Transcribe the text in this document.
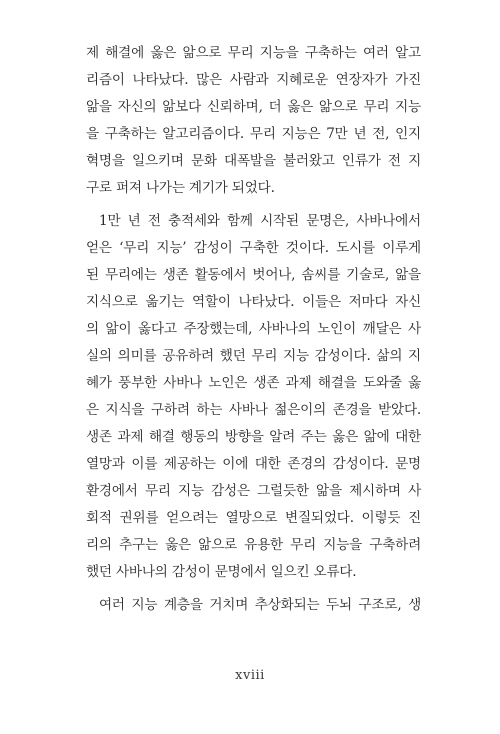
제 해결에 옳은 앎으로 무리 지능을 구축하는 여러 알고
리즘이 나타났다. 많은 사람과 지혜로운 연장자가 가진
앎을 자신의 앎보다 신뢰하며, 더 옳은 앎으로 무리 지능
을 구축하는 알고리즘이다. 무리 지능은 7만 년 전, 인지
혁명을 일으키며 문화 대폭발을 불러왔고 인류가 전 지
구로 퍼져 나가는 계기가 되었다.
1만 년 전 충적세와 함께 시작된 문명은, 사바나에서
얻은 ‘무리 지능’ 감성이 구축한 것이다. 도시를 이루게
된 무리에는 생존 활동에서 벗어나, 솜씨를 기술로, 앎을
지식으로 옮기는 역할이 나타났다. 이들은 저마다 자신
의 앎이 옳다고 주장했는데, 사바나의 노인이 깨달은 사
실의 의미를 공유하려 했던 무리 지능 감성이다. 삶의 지
혜가 풍부한 사바나 노인은 생존 과제 해결을 도와줄 옳
은 지식을 구하려 하는 사바나 젊은이의 존경을 받았다.
생존 과제 해결 행동의 방향을 알려 주는 옳은 앎에 대한
열망과 이를 제공하는 이에 대한 존경의 감성이다. 문명
환경에서 무리 지능 감성은 그럴듯한 앎을 제시하며 사
회적 권위를 얻으려는 열망으로 변질되었다. 이렇듯 진
리의 추구는 옳은 앎으로 유용한 무리 지능을 구축하려
했던 사바나의 감성이 문명에서 일으킨 오류다.
여러 지능 계층을 거치며 추상화되는 두뇌 구조로, 생
xviii
